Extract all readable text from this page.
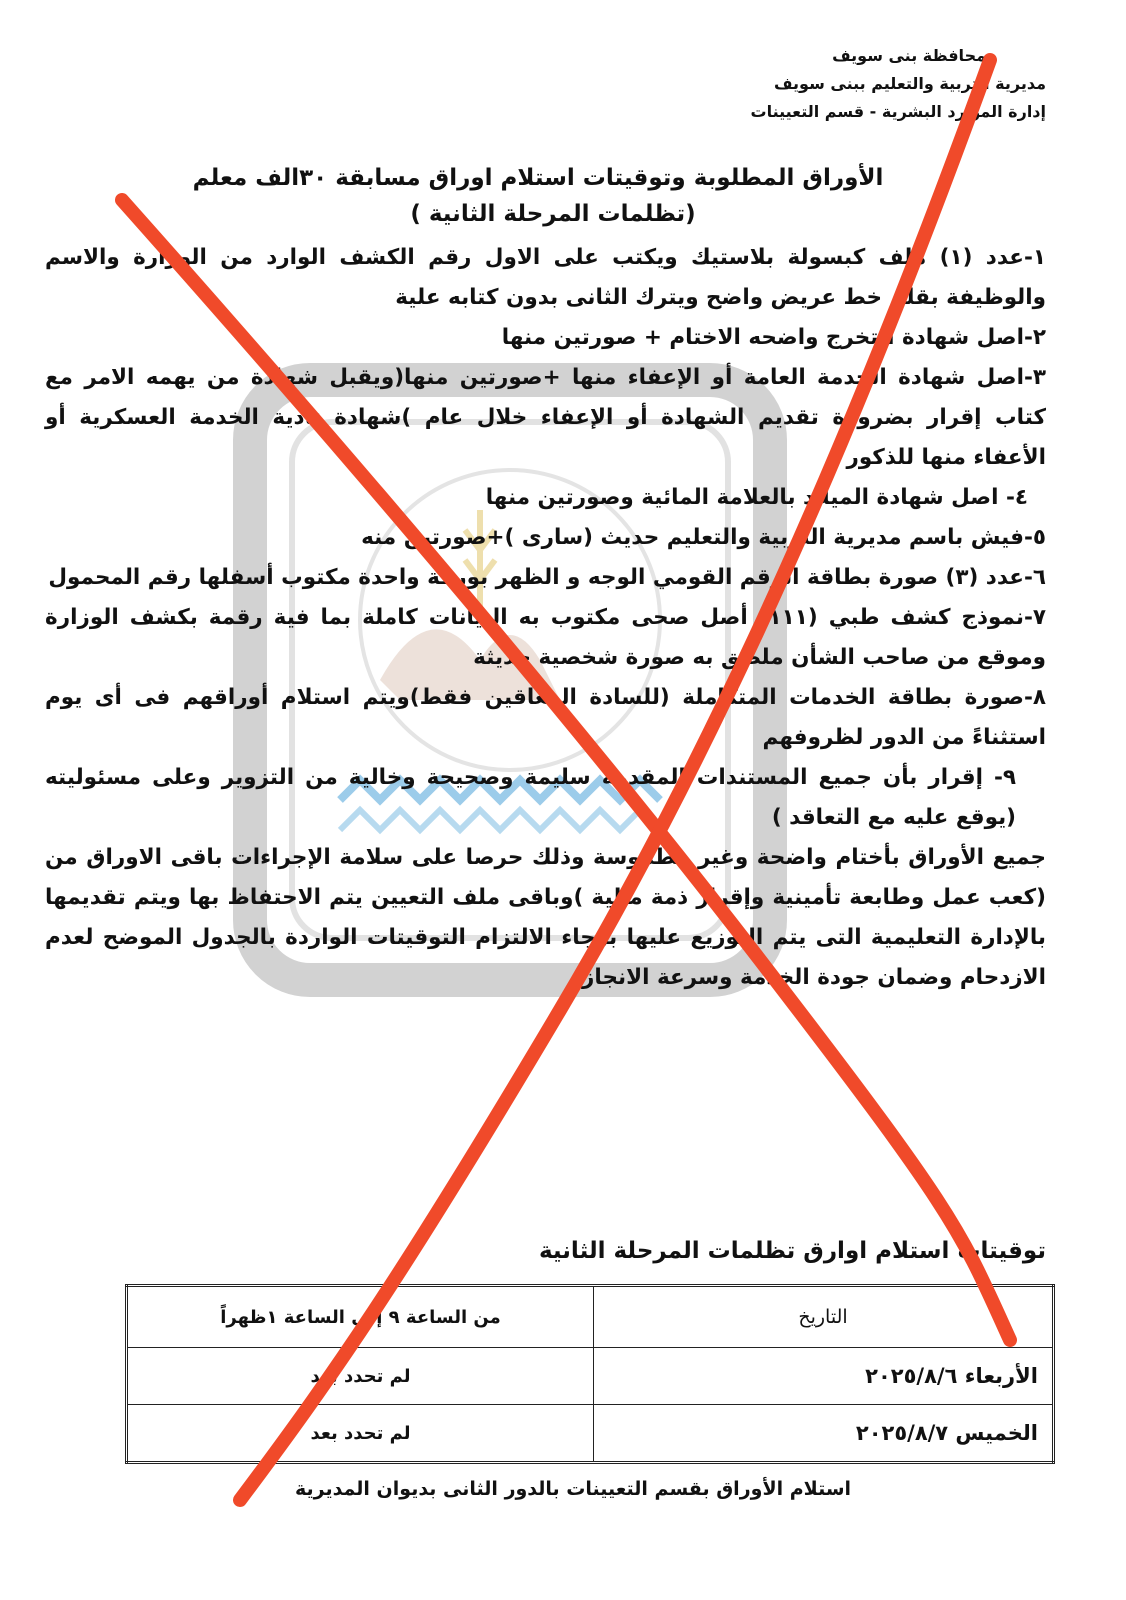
محافظة بنى سويف
مديرية التربية والتعليم ببنى سويف
إدارة الموارد البشرية - قسم التعيينات
الأوراق المطلوبة وتوقيتات استلام اوراق مسابقة ٣٠الف معلم
(تظلمات المرحلة الثانية )

١-عدد (١) ملف كبسولة بلاستيك ويكتب على الاول رقم الكشف الوارد من الوزارة والاسم والوظيفة بقلم خط عريض واضح ويترك الثانى بدون كتابه علية

٢-اصل شهادة التخرج واضحه الاختام + صورتين منها

٣-اصل شهادة الخدمة العامة أو الإعفاء منها +صورتين منها(ويقبل شهادة من يهمه الامر مع كتاب إقرار بضرورة تقديم الشهادة أو الإعفاء خلال عام )شهادة تادية الخدمة العسكرية أو الأعفاء منها للذكور

٤- اصل شهادة الميلاد بالعلامة المائية وصورتين منها

٥-فيش باسم مديرية التربية والتعليم حديث (سارى )+صورتين منه

٦-عدد (٣) صورة بطاقة الرقم القومي الوجه و الظهر بورقة واحدة مكتوب أسفلها رقم المحمول

٧-نموذج كشف طبي (١١١) أصل صحى مكتوب به البيانات كاملة بما فية رقمة بكشف الوزارة وموقع من صاحب الشأن ملصق به صورة شخصية حديثة

٨-صورة بطاقة الخدمات المتكاملة (للسادة المعاقين فقط)ويتم استلام أوراقهم فى أى يوم استثناءً من الدور لظروفهم

٩- إقرار بأن جميع المستندات المقدمة سليمة وصحيحة وخالية من التزوير وعلى مسئوليته (يوقع عليه مع التعاقد )

جميع الأوراق بأختام واضحة وغير مطموسة وذلك حرصا على سلامة الإجراءات باقى الاوراق من (كعب عمل وطابعة تأمينية وإقرار ذمة مالية )وباقى ملف التعيين يتم الاحتفاظ بها ويتم تقديمها بالإدارة التعليمية التى يتم التوزيع عليها برجاء الالتزام التوقيتات الواردة بالجدول الموضح لعدم الازدحام وضمان جودة الخدمة وسرعة الانجاز.

توقيتات استلام اوارق تظلمات المرحلة الثانية
التاريخ	من الساعة ٩ إلى الساعة ١ظهراً
الأربعاء ٢٠٢٥/٨/٦	لم تحدد بعد
الخميس ٢٠٢٥/٨/٧	لم تحدد بعد
استلام الأوراق بقسم التعيينات بالدور الثانى بديوان المديرية
